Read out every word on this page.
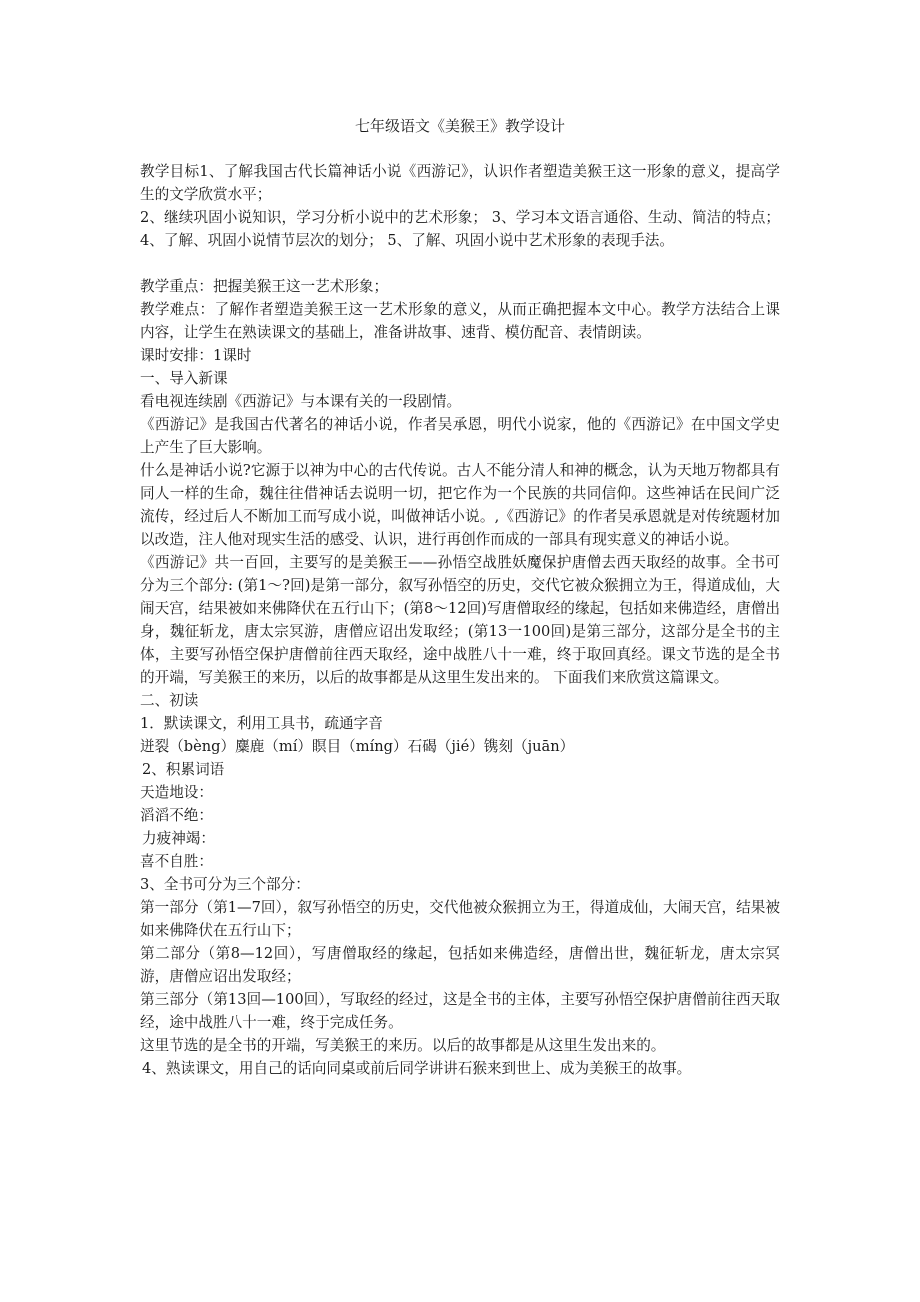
七年级语文《美猴王》教学设计

教学目标1、了解我国古代长篇神话小说《西游记》，认识作者塑造美猴王这一形象的意义，提高学生的文学欣赏水平；

2、继续巩固小说知识，学习分析小说中的艺术形象； 3、学习本文语言通俗、生动、简洁的特点； 4、了解、巩固小说情节层次的划分； 5、了解、巩固小说中艺术形象的表现手法。

教学重点：把握美猴王这一艺术形象；

教学难点：了解作者塑造美猴王这一艺术形象的意义，从而正确把握本文中心。教学方法结合上课内容，让学生在熟读课文的基础上，准备讲故事、速背、模仿配音、表情朗读。

课时安排：1课时

一、导入新课

看电视连续剧《西游记》与本课有关的一段剧情。

《西游记》是我国古代著名的神话小说，作者吴承恩，明代小说家，他的《西游记》在中国文学史上产生了巨大影响。

什么是神话小说?它源于以神为中心的古代传说。古人不能分清人和神的概念，认为天地万物都具有同人一样的生命，魏往往借神话去说明一切，把它作为一个民族的共同信仰。这些神话在民间广泛流传，经过后人不断加工而写成小说，叫做神话小说。,《西游记》的作者吴承恩就是对传统题材加以改造，注人他对现实生活的感受、认识，进行再创作而成的一部具有现实意义的神话小说。

《西游记》共一百回，主要写的是美猴王——孙悟空战胜妖魔保护唐僧去西天取经的故事。全书可分为三个部分: (第1～?回)是第一部分，叙写孙悟空的历史，交代它被众猴拥立为王，得道成仙，大闹天宫，结果被如来佛降伏在五行山下；(第8～12回)写唐僧取经的缘起，包括如来佛造经，唐僧出身，魏征斩龙，唐太宗冥游，唐僧应诏出发取经；(第13一100回)是第三部分，这部分是全书的主体，主要写孙悟空保护唐僧前往西天取经，途中战胜八十一难，终于取回真经。课文节选的是全书的开端，写美猴王的来历，以后的故事都是从这里生发出来的。 下面我们来欣赏这篇课文。

二、初读

1．默读课文，利用工具书，疏通字音

迸裂（bèng）麋鹿（mí）瞑目（míng）石碣（jié）镌刻（juān）

2、积累词语

天造地设：

滔滔不绝：

力疲神竭：

喜不自胜：

3、全书可分为三个部分：

第一部分（第1—7回），叙写孙悟空的历史，交代他被众猴拥立为王，得道成仙，大闹天宫，结果被如来佛降伏在五行山下；

第二部分（第8—12回），写唐僧取经的缘起，包括如来佛造经，唐僧出世，魏征斩龙，唐太宗冥游，唐僧应诏出发取经；

第三部分（第13回—100回），写取经的经过，这是全书的主体，主要写孙悟空保护唐僧前往西天取经，途中战胜八十一难，终于完成任务。

这里节选的是全书的开端，写美猴王的来历。以后的故事都是从这里生发出来的。

4、熟读课文，用自己的话向同桌或前后同学讲讲石猴来到世上、成为美猴王的故事。
